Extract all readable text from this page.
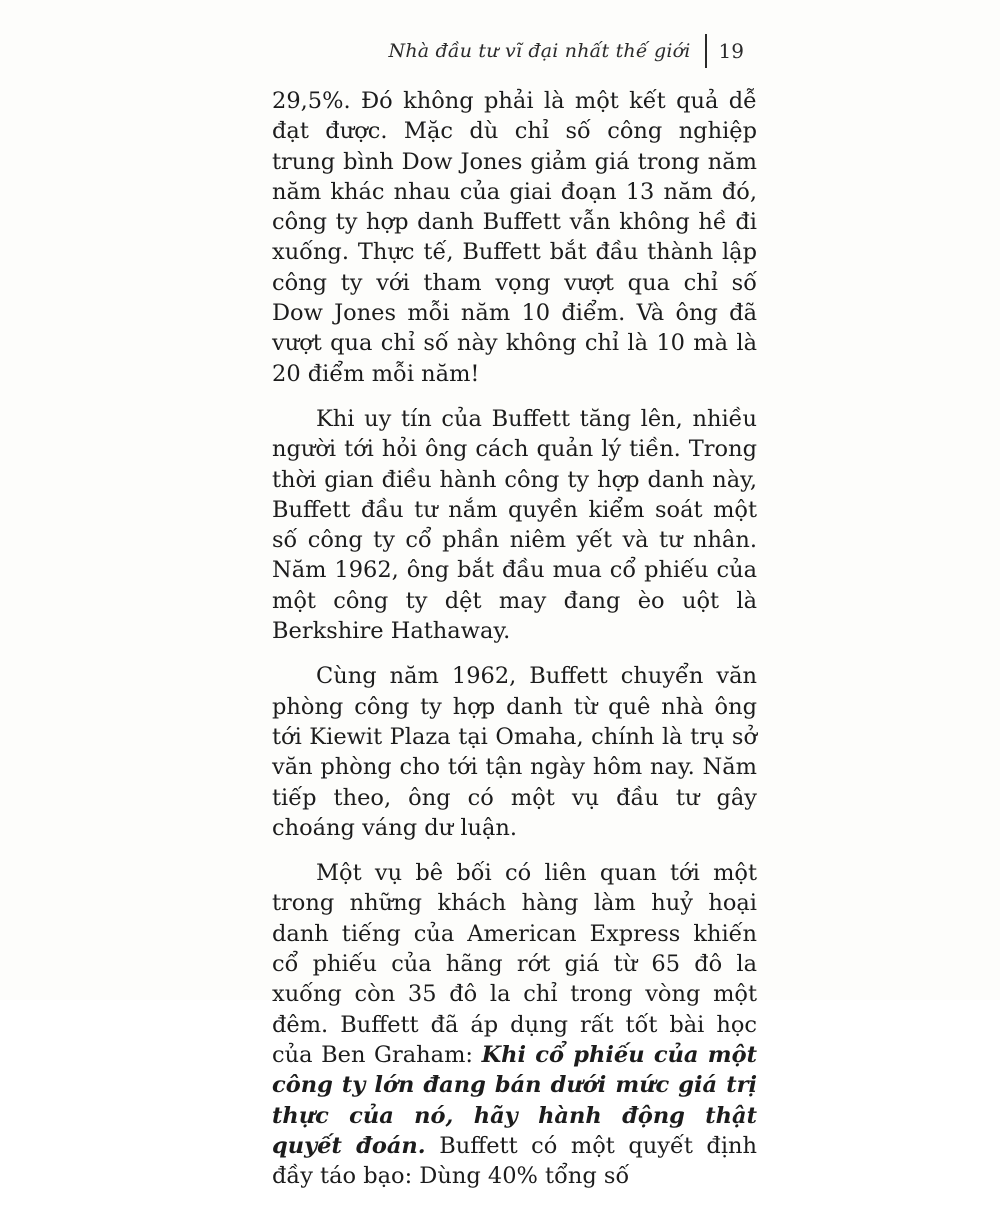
Nhà đầu tư vĩ đại nhất thế giới	19

29,5%. Đó không phải là một kết quả dễ đạt được. Mặc dù chỉ số công nghiệp trung bình Dow Jones giảm giá trong năm năm khác nhau của giai đoạn 13 năm đó, công ty hợp danh Buffett vẫn không hề đi xuống. Thực tế, Buffett bắt đầu thành lập công ty với tham vọng vượt qua chỉ số Dow Jones mỗi năm 10 điểm. Và ông đã vượt qua chỉ số này không chỉ là 10 mà là 20 điểm mỗi năm!

Khi uy tín của Buffett tăng lên, nhiều người tới hỏi ông cách quản lý tiền. Trong thời gian điều hành công ty hợp danh này, Buffett đầu tư nắm quyền kiểm soát một số công ty cổ phần niêm yết và tư nhân. Năm 1962, ông bắt đầu mua cổ phiếu của một công ty dệt may đang èo uột là Berkshire Hathaway.

Cùng năm 1962, Buffett chuyển văn phòng công ty hợp danh từ quê nhà ông tới Kiewit Plaza tại Omaha, chính là trụ sở văn phòng cho tới tận ngày hôm nay. Năm tiếp theo, ông có một vụ đầu tư gây choáng váng dư luận.

Một vụ bê bối có liên quan tới một trong những khách hàng làm huỷ hoại danh tiếng của American Express khiến cổ phiếu của hãng rớt giá từ 65 đô la xuống còn 35 đô la chỉ trong vòng một đêm. Buffett đã áp dụng rất tốt bài học của Ben Graham: Khi cổ phiếu của một công ty lớn đang bán dưới mức giá trị thực của nó, hãy hành động thật quyết đoán. Buffett có một quyết định đầy táo bạo: Dùng 40% tổng số
